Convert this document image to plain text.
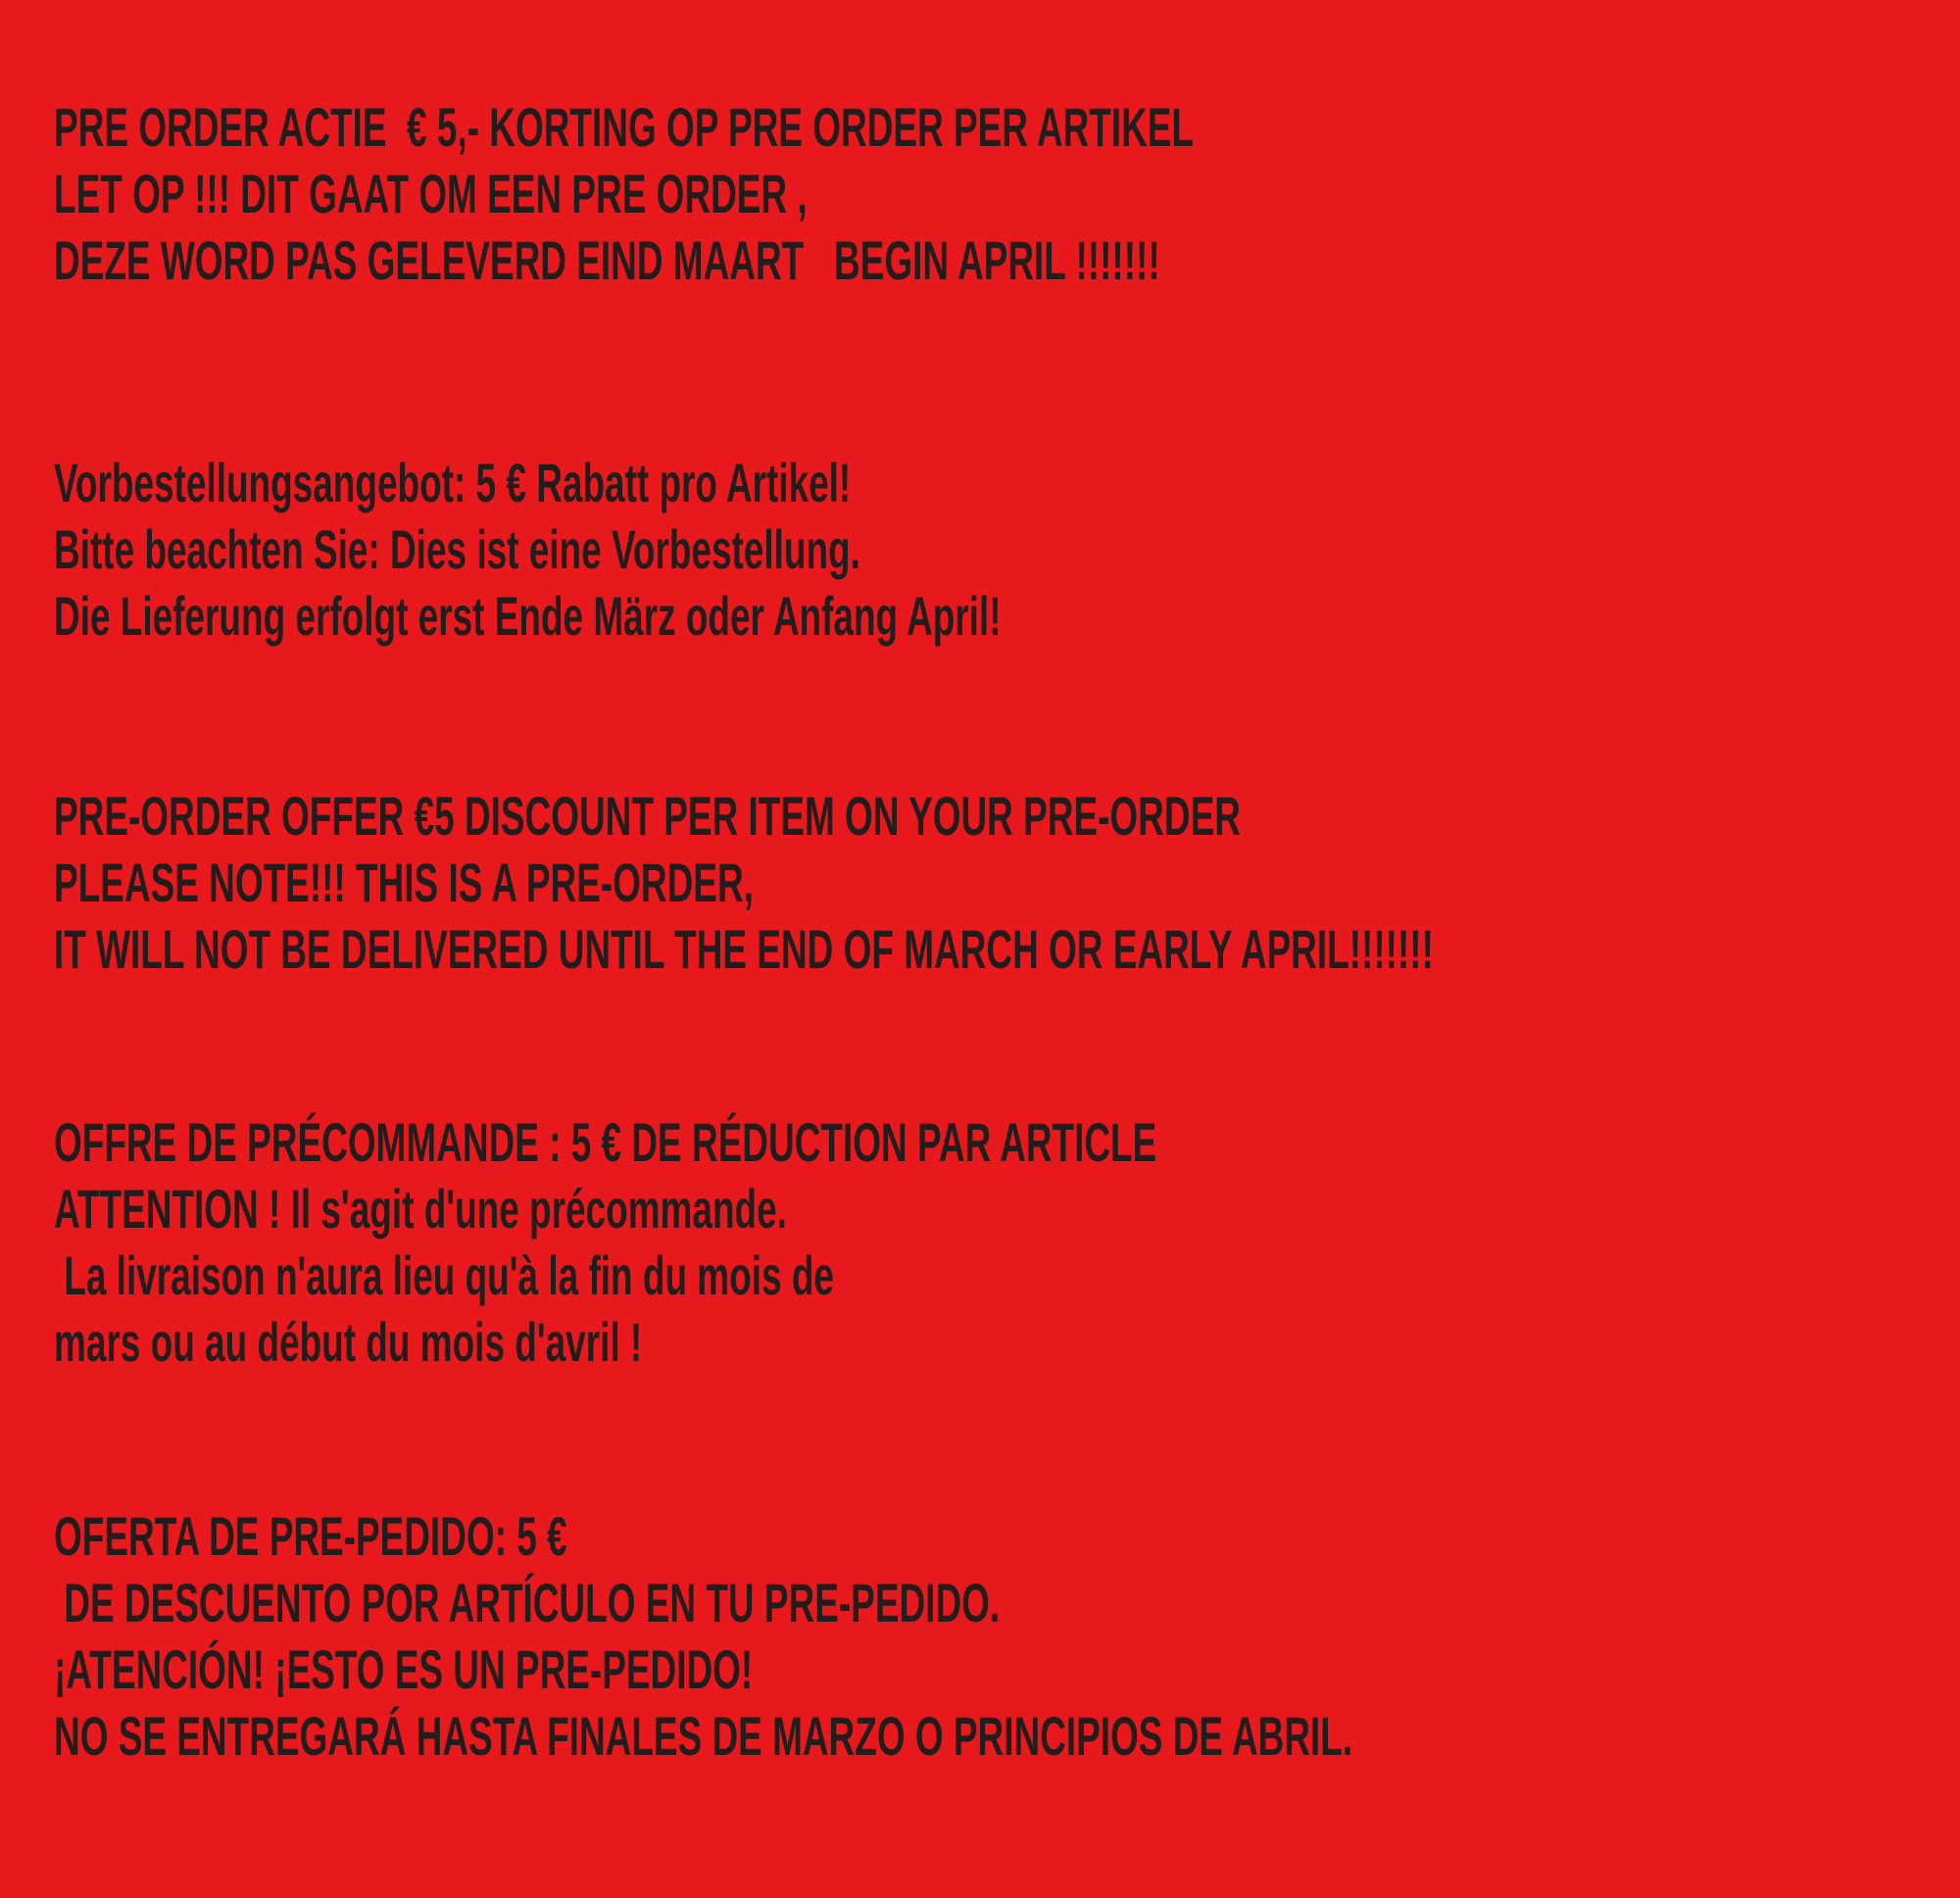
PRE ORDER ACTIE  € 5,- KORTING OP PRE ORDER PER ARTIKEL
LET OP !!! DIT GAAT OM EEN PRE ORDER ,
DEZE WORD PAS GELEVERD EIND MAART   BEGIN APRIL !!!!!!!
Vorbestellungsangebot: 5 € Rabatt pro Artikel!
Bitte beachten Sie: Dies ist eine Vorbestellung.
Die Lieferung erfolgt erst Ende März oder Anfang April!
PRE-ORDER OFFER €5 DISCOUNT PER ITEM ON YOUR PRE-ORDER
PLEASE NOTE!!! THIS IS A PRE-ORDER,
IT WILL NOT BE DELIVERED UNTIL THE END OF MARCH OR EARLY APRIL!!!!!!!
OFFRE DE PRÉCOMMANDE : 5 € DE RÉDUCTION PAR ARTICLE
ATTENTION ! Il s'agit d'une précommande.
La livraison n'aura lieu qu'à la fin du mois de
mars ou au début du mois d'avril !
OFERTA DE PRE-PEDIDO: 5 €
DE DESCUENTO POR ARTÍCULO EN TU PRE-PEDIDO.
¡ATENCIÓN! ¡ESTO ES UN PRE-PEDIDO!
NO SE ENTREGARÁ HASTA FINALES DE MARZO O PRINCIPIOS DE ABRIL.
